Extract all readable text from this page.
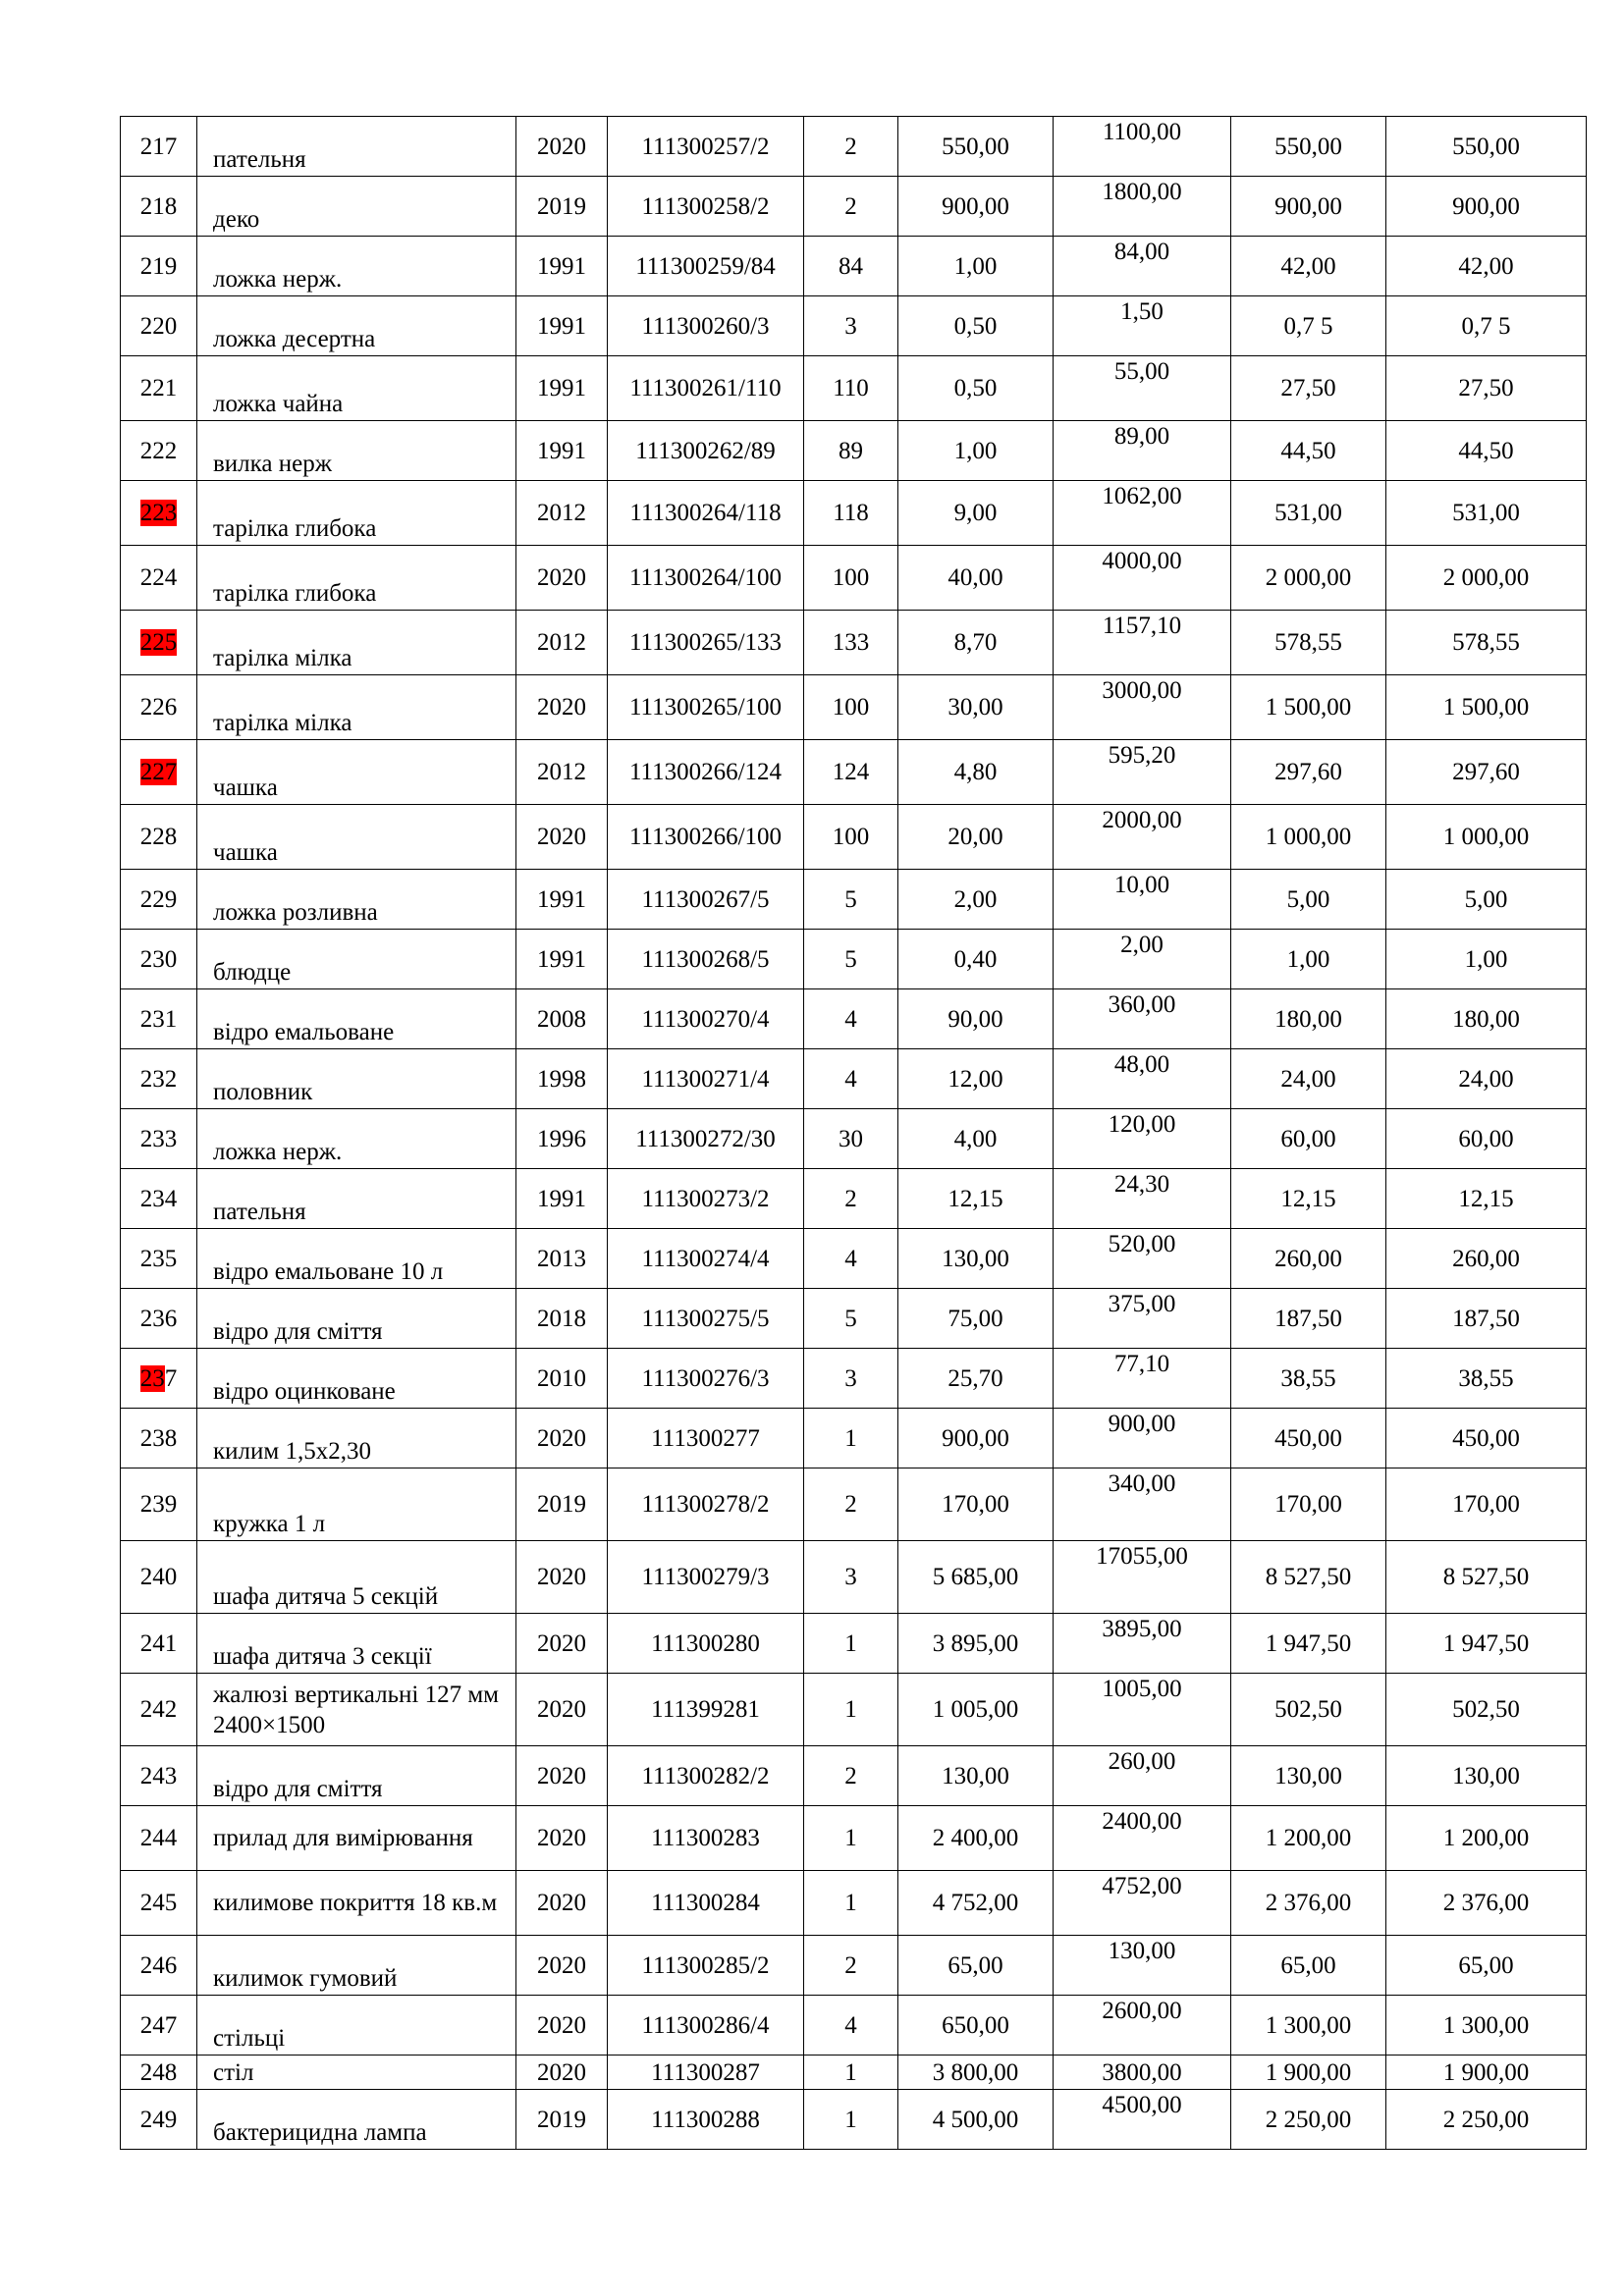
217	пательня	2020	111300257/2	2	550,00	1100,00	550,00	550,00
218	деко	2019	111300258/2	2	900,00	1800,00	900,00	900,00
219	ложка нерж.	1991	111300259/84	84	1,00	84,00	42,00	42,00
220	ложка десертна	1991	111300260/3	3	0,50	1,50	0,7 5	0,7 5
221	ложка чайна	1991	111300261/110	110	0,50	55,00	27,50	27,50
222	вилка нерж	1991	111300262/89	89	1,00	89,00	44,50	44,50
223	тарілка глибока	2012	111300264/118	118	9,00	1062,00	531,00	531,00
224	тарілка глибока	2020	111300264/100	100	40,00	4000,00	2 000,00	2 000,00
225	тарілка мілка	2012	111300265/133	133	8,70	1157,10	578,55	578,55
226	тарілка мілка	2020	111300265/100	100	30,00	3000,00	1 500,00	1 500,00
227	чашка	2012	111300266/124	124	4,80	595,20	297,60	297,60
228	чашка	2020	111300266/100	100	20,00	2000,00	1 000,00	1 000,00
229	ложка розливна	1991	111300267/5	5	2,00	10,00	5,00	5,00
230	блюдце	1991	111300268/5	5	0,40	2,00	1,00	1,00
231	відро емальоване	2008	111300270/4	4	90,00	360,00	180,00	180,00
232	половник	1998	111300271/4	4	12,00	48,00	24,00	24,00
233	ложка нерж.	1996	111300272/30	30	4,00	120,00	60,00	60,00
234	пательня	1991	111300273/2	2	12,15	24,30	12,15	12,15
235	відро емальоване 10 л	2013	111300274/4	4	130,00	520,00	260,00	260,00
236	відро для сміття	2018	111300275/5	5	75,00	375,00	187,50	187,50
237	відро оцинковане	2010	111300276/3	3	25,70	77,10	38,55	38,55
238	килим 1,5х2,30	2020	111300277	1	900,00	900,00	450,00	450,00
239	кружка 1 л	2019	111300278/2	2	170,00	340,00	170,00	170,00
240	шафа дитяча 5 секцій	2020	111300279/3	3	5 685,00	17055,00	8 527,50	8 527,50
241	шафа дитяча 3 секції	2020	111300280	1	3 895,00	3895,00	1 947,50	1 947,50
242	жалюзі вертикальні 127 мм 2400×1500	2020	111399281	1	1 005,00	1005,00	502,50	502,50
243	відро для сміття	2020	111300282/2	2	130,00	260,00	130,00	130,00
244	прилад для вимірювання	2020	111300283	1	2 400,00	2400,00	1 200,00	1 200,00
245	килимове покриття 18 кв.м	2020	111300284	1	4 752,00	4752,00	2 376,00	2 376,00
246	килимок гумовий	2020	111300285/2	2	65,00	130,00	65,00	65,00
247	стільці	2020	111300286/4	4	650,00	2600,00	1 300,00	1 300,00
248	стіл	2020	111300287	1	3 800,00	3800,00	1 900,00	1 900,00
249	бактерицидна лампа	2019	111300288	1	4 500,00	4500,00	2 250,00	2 250,00
